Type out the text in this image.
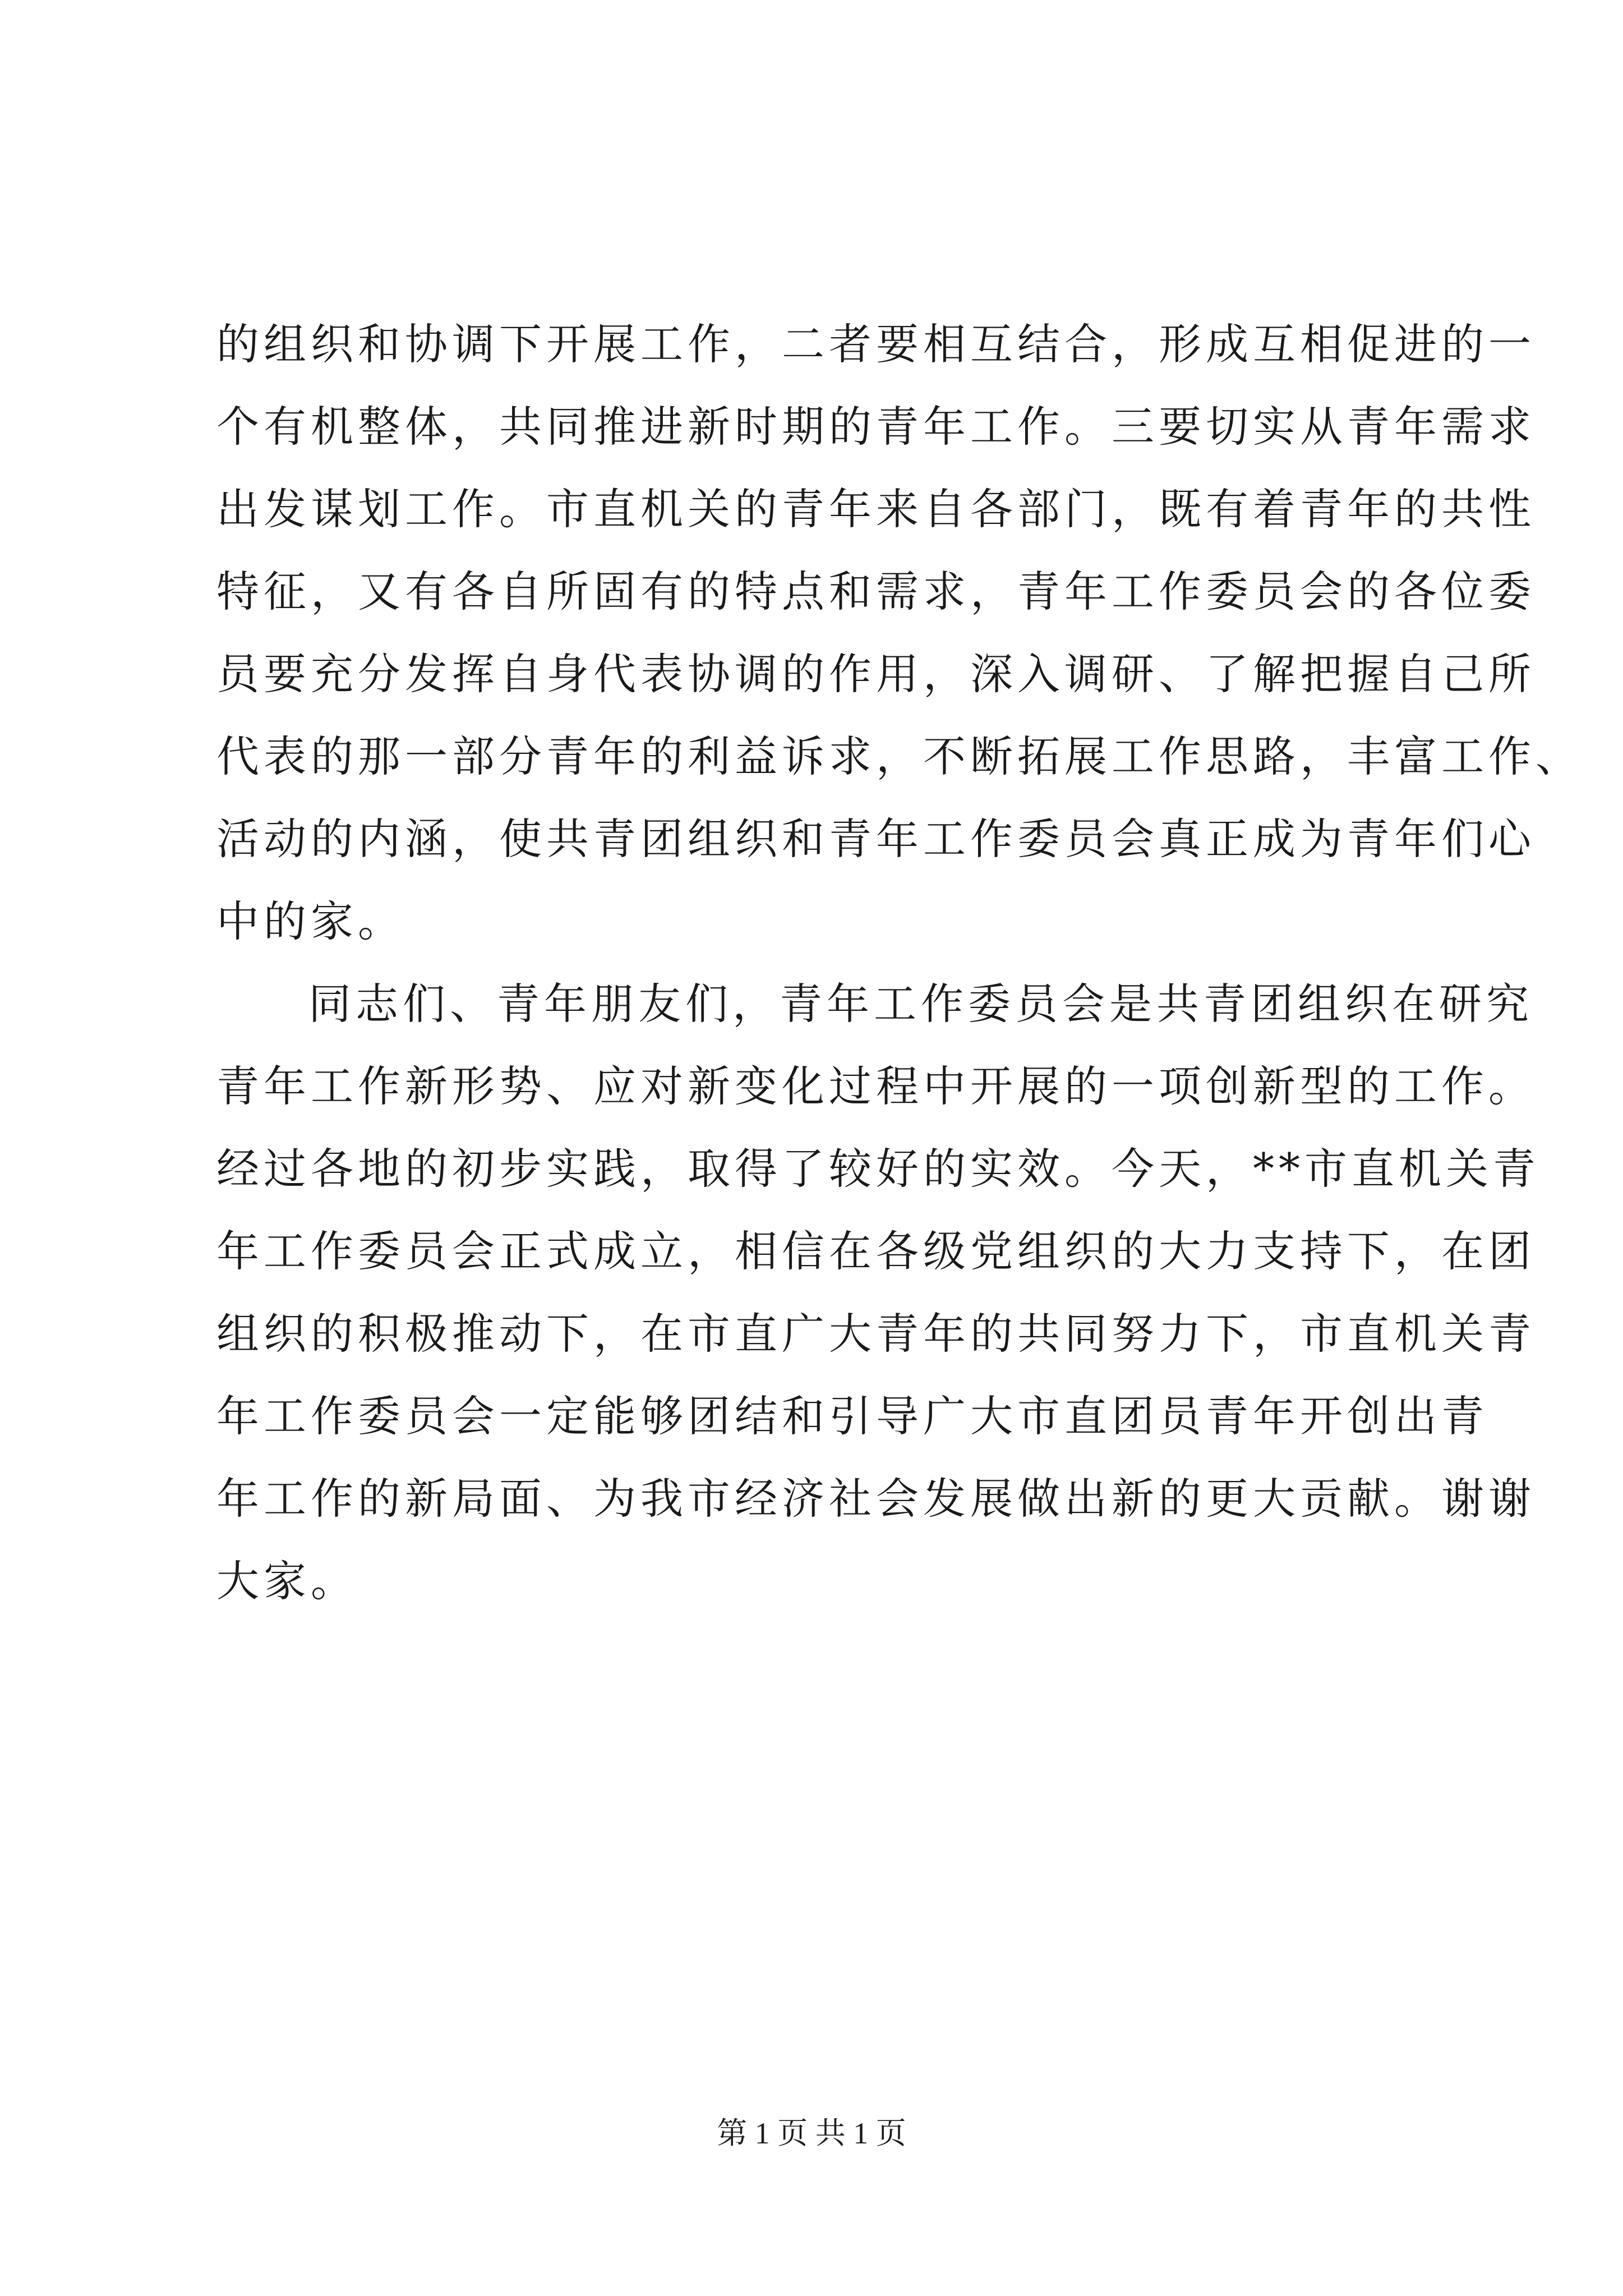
的组织和协调下开展工作，二者要相互结合，形成互相促进的一
个有机整体，共同推进新时期的青年工作。三要切实从青年需求
出发谋划工作。市直机关的青年来自各部门，既有着青年的共性
特征，又有各自所固有的特点和需求，青年工作委员会的各位委
员要充分发挥自身代表协调的作用，深入调研、了解把握自己所
代表的那一部分青年的利益诉求，不断拓展工作思路，丰富工作、
活动的内涵，使共青团组织和青年工作委员会真正成为青年们心
中的家。
同志们、青年朋友们，青年工作委员会是共青团组织在研究
青年工作新形势、应对新变化过程中开展的一项创新型的工作。
经过各地的初步实践，取得了较好的实效。今天，**市直机关青
年工作委员会正式成立，相信在各级党组织的大力支持下，在团
组织的积极推动下，在市直广大青年的共同努力下，市直机关青
年工作委员会一定能够团结和引导广大市直团员青年开创出青
年工作的新局面、为我市经济社会发展做出新的更大贡献。谢谢
大家。
第 1 页 共 1 页
